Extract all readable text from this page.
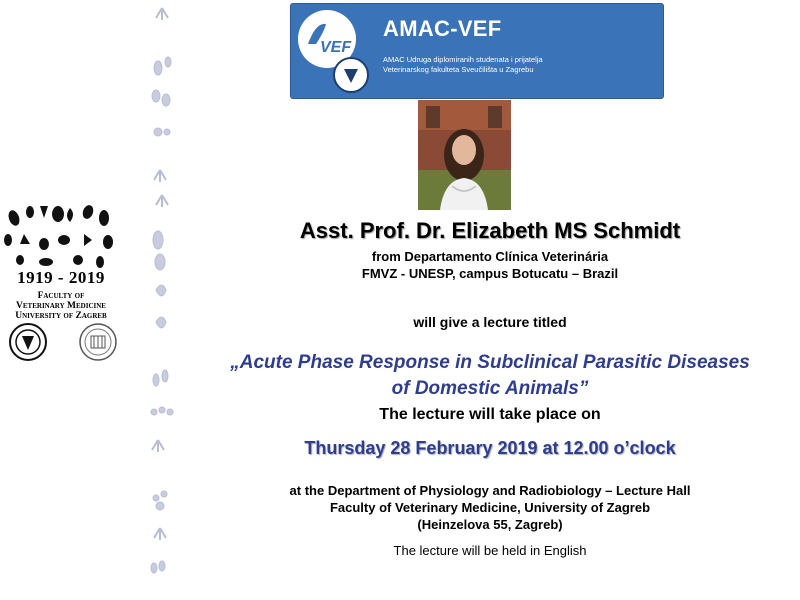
1919 - 2019
Faculty of
Veterinary Medicine
University of Zagreb
VEF
AMAC-VEF
AMAC Udruga diplomiranih studenata i prijatelja
Veterinarskog fakulteta Sveučilišta u Zagrebu
Asst. Prof. Dr. Elizabeth MS Schmidt
from Departamento Clínica Veterinária
FMVZ - UNESP, campus Botucatu – Brazil
will give a lecture titled
„Acute Phase Response in Subclinical Parasitic Diseases
of Domestic Animals”
The lecture will take place on
Thursday 28 February 2019 at 12.00 o’clock
at the Department of Physiology and Radiobiology – Lecture Hall
Faculty of Veterinary Medicine, University of Zagreb
(Heinzelova 55, Zagreb)
The lecture will be held in English
